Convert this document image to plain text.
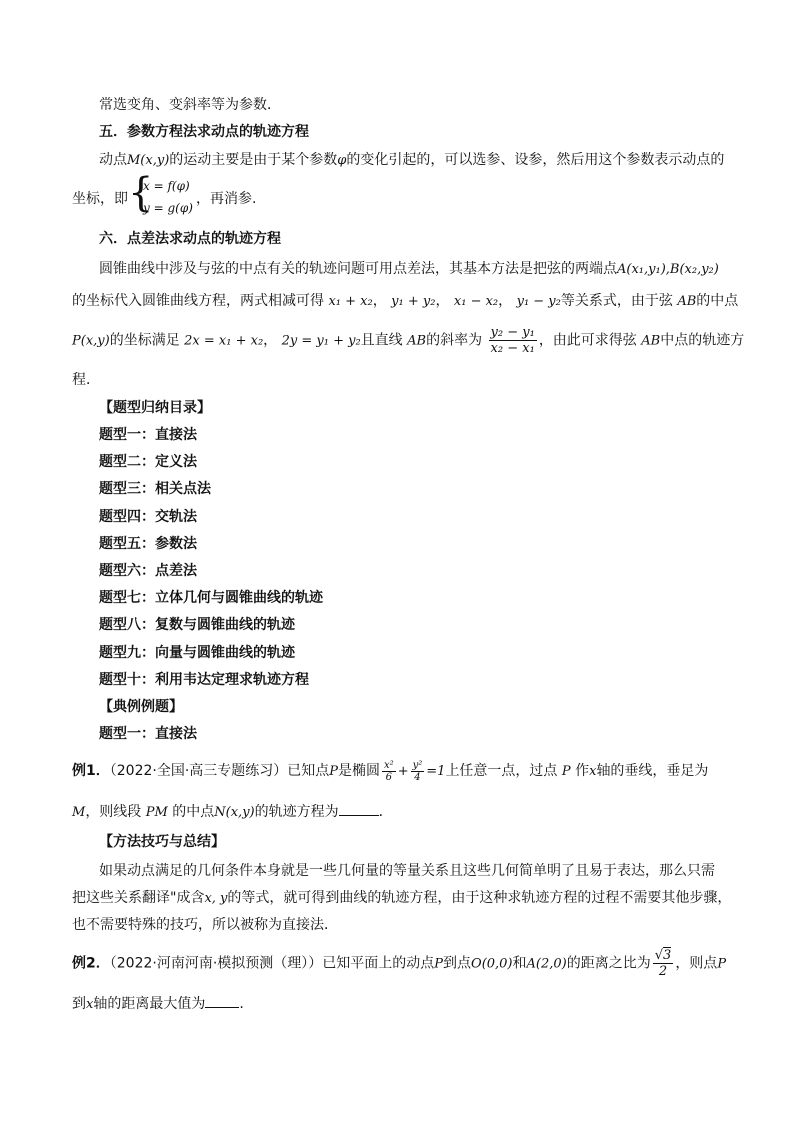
常选变角、变斜率等为参数．
五．参数方程法求动点的轨迹方程
动点M(x,y)的运动主要是由于某个参数φ的变化引起的，可以选参、设参，然后用这个参数表示动点的
坐标，即 {
x = f(φ)
y = g(φ)
，再消参.
六．点差法求动点的轨迹方程
圆锥曲线中涉及与弦的中点有关的轨迹问题可用点差法，其基本方法是把弦的两端点A(x₁,y₁),B(x₂,y₂)
的坐标代入圆锥曲线方程，两式相减可得 x₁ + x₂， y₁ + y₂， x₁ − x₂， y₁ − y₂等关系式，由于弦 AB的中点
P(x,y)的坐标满足 2x = x₁ + x₂， 2y = y₁ + y₂且直线 AB的斜率为 $\frac{\text{y₂ − y₁}}{\text{x₂ − x₁}}$ ，由此可求得弦 AB中点的轨迹方
程．
【题型归纳目录】
题型一：直接法
题型二：定义法
题型三：相关点法
题型四：交轨法
题型五：参数法
题型六：点差法
题型七：立体几何与圆锥曲线的轨迹
题型八：复数与圆锥曲线的轨迹
题型九：向量与圆锥曲线的轨迹
题型十：利用韦达定理求轨迹方程
【典例例题】
题型一：直接法
例1．（2022·全国·高三专题练习）已知点P是椭圆 $\frac{\text{x²}}{6} + \frac{\text{y²}}{4} =1$上任意一点，过点 P 作x轴的垂线，垂足为
M，则线段 PM 的中点N(x,y)的轨迹方程为	．
【方法技巧与总结】
如果动点满足的几何条件本身就是一些几何量的等量关系且这些几何简单明了且易于表达，那么只需
把这些关系翻译"成含x, y的等式，就可得到曲线的轨迹方程，由于这种求轨迹方程的过程不需要其他步骤，
也不需要特殊的技巧，所以被称为直接法．
例2．（2022·河南河南·模拟预测（理））已知平面上的动点P到点O(0,0)和A(2,0)的距离之比为 $\frac{√3}{2}$ ，则点P
到x轴的距离最大值为 .
